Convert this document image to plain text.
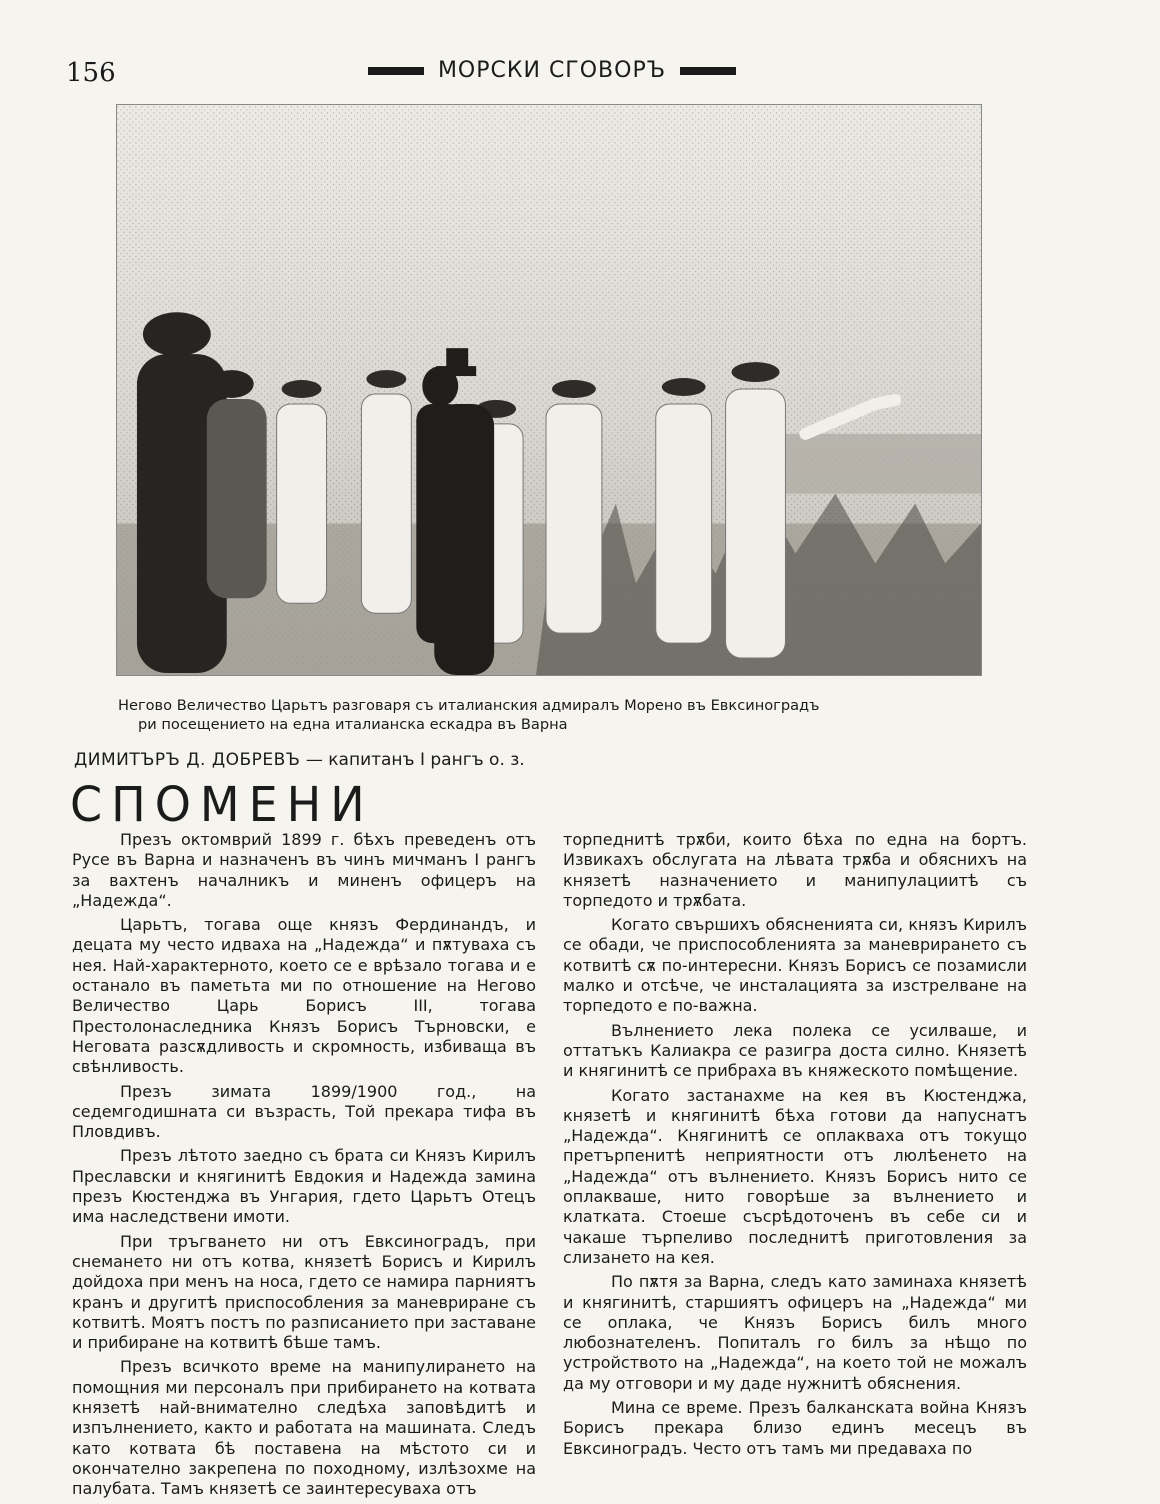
156	МОРСКИ СГОВОРЪ
Негово Величество Царьтъ разговаря съ италианския адмиралъ Морено въ Евксиноградъ
ри посещението на една италианска ескадра въ Варна
ДИМИТЪРЪ Д. ДОБРЕВЪ — капитанъ I рангъ о. з.
СПОМЕНИ

Презъ октомврий 1899 г. бѣхъ преведенъ отъ Русе въ Варна и назначенъ въ чинъ мичманъ I рангъ за вахтенъ началникъ и миненъ офицеръ на „Надежда“.

Царьтъ, тогава още князъ Фердинандъ, и децата му често идваха на „Надежда“ и пѫтуваха съ нея. Най-характерното, което се е врѣзало тогава и е останало въ паметьта ми по отношение на Негово Величество Царь Борисъ III, тогава Престолонаследника Князъ Борисъ Търновски, е Неговата разсѫдливость и скромность, избиваща въ свѣнливость.

Презъ зимата 1899/1900 год., на седемгодишната си възрасть, Той прекара тифа въ Пловдивъ.

Презъ лѣтото заедно съ брата си Князъ Кирилъ Преславски и княгинитѣ Евдокия и Надежда замина презъ Кюстенджа въ Унгария, гдето Царьтъ Отецъ има наследствени имоти.

При тръгването ни отъ Евксиноградъ, при снемането ни отъ котва, князетѣ Борисъ и Кирилъ дойдоха при менъ на носа, гдето се намира парниятъ кранъ и другитѣ приспособления за маневриране съ котвитѣ. Моятъ постъ по разписанието при заставане и прибиране на котвитѣ бѣше тамъ.

Презъ всичкото време на манипулирането на помощния ми персоналъ при прибирането на котвата князетѣ най-внимателно следѣха заповѣдитѣ и изпълнението, както и работата на машината. Следъ като котвата бѣ поставена на мѣстото си и окончателно закрепена по походному, излѣзохме на палубата. Тамъ князетѣ се заинтересуваха отъ

торпеднитѣ трѫби, които бѣха по една на бортъ. Извикахъ обслугата на лѣвата трѫба и обяснихъ на князетѣ назначението и манипулациитѣ съ торпедото и трѫбата.

Когато свършихъ обясненията си, князъ Кирилъ се обади, че приспособленията за маневрирането съ котвитѣ сѫ по-интересни. Князъ Борисъ се позамисли малко и отсѣче, че инсталацията за изстрелване на торпедото е по-важна.

Вълнението лека полека се усилваше, и оттатъкъ Калиакра се разигра доста силно. Князетѣ и княгинитѣ се прибраха въ княжеското помѣщение.

Когато застанахме на кея въ Кюстенджа, князетѣ и княгинитѣ бѣха готови да напуснатъ „Надежда“. Княгинитѣ се оплакваха отъ токущо претърпенитѣ неприятности отъ люлѣенето на „Надежда“ отъ вълнението. Князъ Борисъ нито се оплакваше, нито говорѣше за вълнението и клатката. Стоеше съсрѣдоточенъ въ себе си и чакаше търпеливо последнитѣ приготовления за слизането на кея.

По пѫтя за Варна, следъ като заминаха князетѣ и княгинитѣ, старшиятъ офицеръ на „Надежда“ ми се оплака, че Князъ Борисъ билъ много любознателенъ. Попиталъ го билъ за нѣщо по устройството на „Надежда“, на което той не можалъ да му отговори и му даде нужнитѣ обяснения.

Мина се време. Презъ балканската война Князъ Борисъ прекара близо единъ месецъ въ Евксиноградъ. Често отъ тамъ ми предаваха по
